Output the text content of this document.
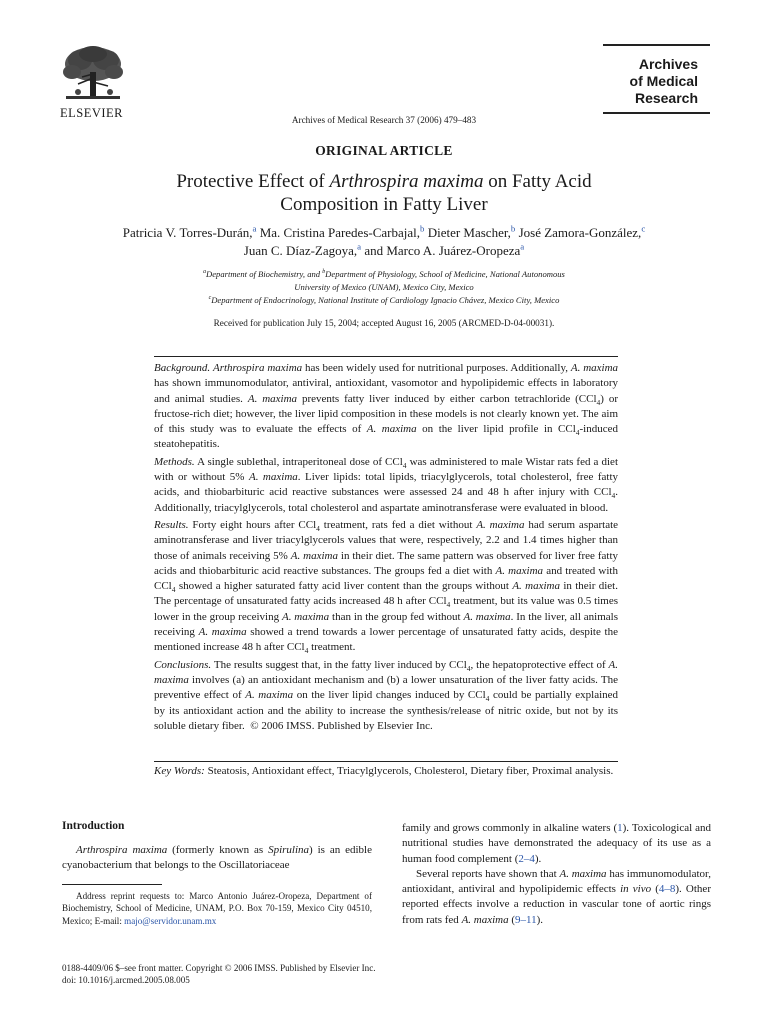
ELSEVIER	Archives of Medical Research 37 (2006) 479–483
Archives
of Medical
Research
ORIGINAL ARTICLE
Protective Effect of Arthrospira maxima on Fatty Acid
Composition in Fatty Liver
Patricia V. Torres-Durán,$^a$ Ma. Cristina Paredes-Carbajal,$^b$ Dieter Mascher,$^b$ José Zamora-González,$^c$
Juan C. Díaz-Zagoya,$^a$ and Marco A. Juárez-Oropeza$^a$
$^a$Department of Biochemistry, and $^b$Department of Physiology, School of Medicine, National Autonomous
University of Mexico (UNAM), Mexico City, Mexico
$^c$Department of Endocrinology, National Institute of Cardiology Ignacio Chávez, Mexico City, Mexico
Received for publication July 15, 2004; accepted August 16, 2005 (ARCMED-D-04-00031).

Background. Arthrospira maxima has been widely used for nutritional purposes. Additionally, A. maxima has shown immunomodulator, antiviral, antioxidant, vasomotor and hypolipidemic effects in laboratory and animal studies. A. maxima prevents fatty liver induced by either carbon tetrachloride (CCl$_4$) or fructose-rich diet; however, the liver lipid composition in these models is not clearly known yet. The aim of this study was to evaluate the effects of A. maxima on the liver lipid profile in CCl$_4$-induced steatohepatitis.

Methods. A single sublethal, intraperitoneal dose of CCl$_4$ was administered to male Wistar rats fed a diet with or without 5% A. maxima. Liver lipids: total lipids, triacylglycerols, total cholesterol, free fatty acids, and thiobarbituric acid reactive substances were assessed 24 and 48 h after injury with CCl$_4$. Additionally, triacylglycerols, total cholesterol and aspartate aminotransferase were evaluated in blood.

Results. Forty eight hours after CCl$_4$ treatment, rats fed a diet without A. maxima had serum aspartate aminotransferase and liver triacylglycerols values that were, respectively, 2.2 and 1.4 times higher than those of animals receiving 5% A. maxima in their diet. The same pattern was observed for liver free fatty acids and thiobarbituric acid reactive substances. The groups fed a diet with A. maxima and treated with CCl$_4$ showed a higher saturated fatty acid liver content than the groups without A. maxima in their diet. The percentage of unsaturated fatty acids increased 48 h after CCl$_4$ treatment, but its value was 0.5 times lower in the group receiving A. maxima than in the group fed without A. maxima. In the liver, all animals receiving A. maxima showed a trend towards a lower percentage of unsaturated fatty acids, despite the mentioned increase 48 h after CCl$_4$ treatment.

Conclusions. The results suggest that, in the fatty liver induced by CCl$_4$, the hepatoprotective effect of A. maxima involves (a) an antioxidant mechanism and (b) a lower unsaturation of the liver fatty acids. The preventive effect of A. maxima on the liver lipid changes induced by CCl$_4$ could be partially explained by its antioxidant action and the ability to increase the synthesis/release of nitric oxide, but not by its soluble dietary fiber.  © 2006 IMSS. Published by Elsevier Inc.

Key Words: Steatosis, Antioxidant effect, Triacylglycerols, Cholesterol, Dietary fiber, Proximal analysis.
Introduction
Arthrospira maxima (formerly known as Spirulina) is an edible cyanobacterium that belongs to the Oscillatoriaceae
Address reprint requests to: Marco Antonio Juárez-Oropeza, Department of Biochemistry, School of Medicine, UNAM, P.O. Box 70-159, Mexico City 04510, Mexico; E-mail: majo@servidor.unam.mx

family and grows commonly in alkaline waters (1). Toxicological and nutritional studies have demonstrated the adequacy of its use as a human food complement (2–4).

Several reports have shown that A. maxima has immunomodulator, antioxidant, antiviral and hypolipidemic effects in vivo (4–8). Other reported effects involve a reduction in vascular tone of aortic rings from rats fed A. maxima (9–11).

0188-4409/06 $–see front matter. Copyright © 2006 IMSS. Published by Elsevier Inc.
doi: 10.1016/j.arcmed.2005.08.005
